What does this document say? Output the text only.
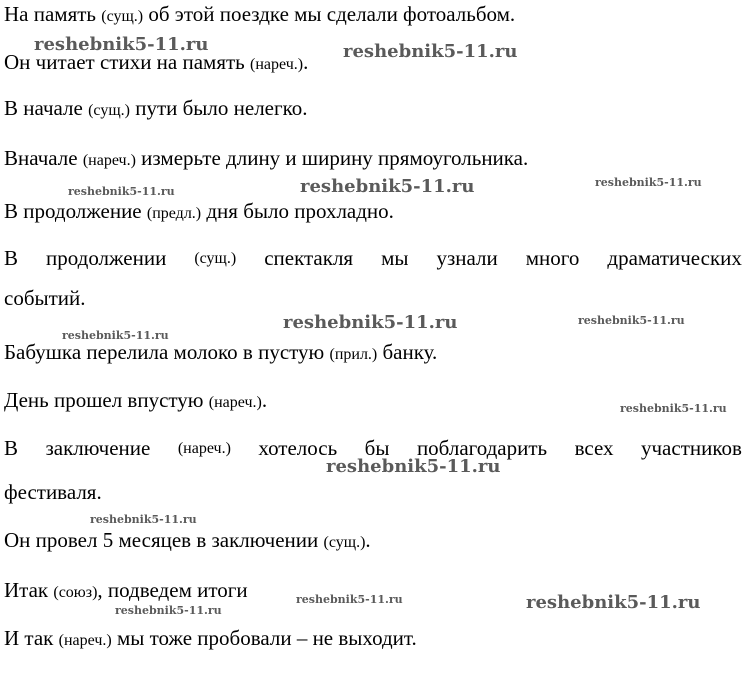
На память (сущ.) об этой поездке мы сделали фотоальбом.

Он читает стихи на память (нареч.).

В начале (сущ.) пути было нелегко.

Вначале (нареч.) измерьте длину и ширину прямоугольника.

В продолжение (предл.) дня было прохладно.

В продолжении (сущ.) спектакля мы узнали много драматических

событий.

Бабушка перелила молоко в пустую (прил.) банку.

День прошел впустую (нареч.).

В заключение (нареч.) хотелось бы поблагодарить всех участников

фестиваля.

Он провел 5 месяцев в заключении (сущ.).

Итак (союз), подведем итоги

И так (нареч.) мы тоже пробовали – не выходит.

reshebnik5-11.ru	reshebnik5-11.ru
reshebnik5-11.ru	reshebnik5-11.ru	reshebnik5-11.ru
reshebnik5-11.ru
reshebnik5-11.ru	reshebnik5-11.ru
reshebnik5-11.ru
reshebnik5-11.ru
reshebnik5-11.ru
reshebnik5-11.ru
reshebnik5-11.ru	reshebnik5-11.ru
